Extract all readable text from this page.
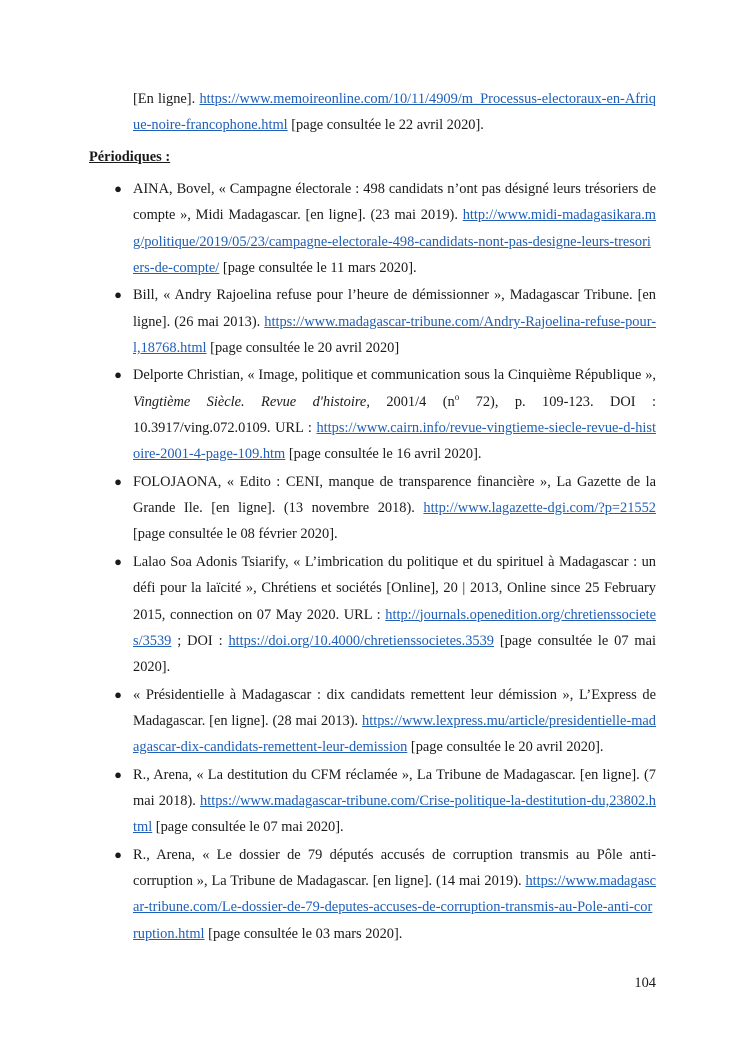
[En ligne]. https://www.memoireonline.com/10/11/4909/m_Processus-electoraux-en-Afrique-noire-francophone.html [page consultée le 22 avril 2020].
Périodiques :
● AINA, Bovel, « Campagne électorale : 498 candidats n’ont pas désigné leurs trésoriers de compte », Midi Madagascar. [en ligne]. (23 mai 2019). http://www.midi-madagasikara.mg/politique/2019/05/23/campagne-electorale-498-candidats-nont-pas-designe-leurs-tresoriers-de-compte/ [page consultée le 11 mars 2020].
● Bill, « Andry Rajoelina refuse pour l’heure de démissionner », Madagascar Tribune. [en ligne]. (26 mai 2013). https://www.madagascar-tribune.com/Andry-Rajoelina-refuse-pour-l,18768.html [page consultée le 20 avril 2020]
● Delporte Christian, « Image, politique et communication sous la Cinquième République », Vingtième Siècle. Revue d'histoire, 2001/4 ($n^o$ 72), p. 109-123. DOI : 10.3917/ving.072.0109. URL : https://www.cairn.info/revue-vingtieme-siecle-revue-d-histoire-2001-4-page-109.htm [page consultée le 16 avril 2020].
● FOLOJAONA, « Edito : CENI, manque de transparence financière », La Gazette de la Grande Ile. [en ligne]. (13 novembre 2018). http://www.lagazette-dgi.com/?p=21552 [page consultée le 08 février 2020].
● Lalao Soa Adonis Tsiarify, « L’imbrication du politique et du spirituel à Madagascar : un défi pour la laïcité », Chrétiens et sociétés [Online], 20 | 2013, Online since 25 February 2015, connection on 07 May 2020. URL : http://journals.openedition.org/chretienssocietes/3539 ; DOI : https://doi.org/10.4000/chretienssocietes.3539 [page consultée le 07 mai 2020].
● « Présidentielle à Madagascar : dix candidats remettent leur démission », L’Express de Madagascar. [en ligne]. (28 mai 2013). https://www.lexpress.mu/article/presidentielle-madagascar-dix-candidats-remettent-leur-demission [page consultée le 20 avril 2020].
● R., Arena, « La destitution du CFM réclamée », La Tribune de Madagascar. [en ligne]. (7 mai 2018). https://www.madagascar-tribune.com/Crise-politique-la-destitution-du,23802.html [page consultée le 07 mai 2020].
● R., Arena, « Le dossier de 79 députés accusés de corruption transmis au Pôle anti-corruption », La Tribune de Madagascar. [en ligne]. (14 mai 2019). https://www.madagascar-tribune.com/Le-dossier-de-79-deputes-accuses-de-corruption-transmis-au-Pole-anti-corruption.html [page consultée le 03 mars 2020].
104
